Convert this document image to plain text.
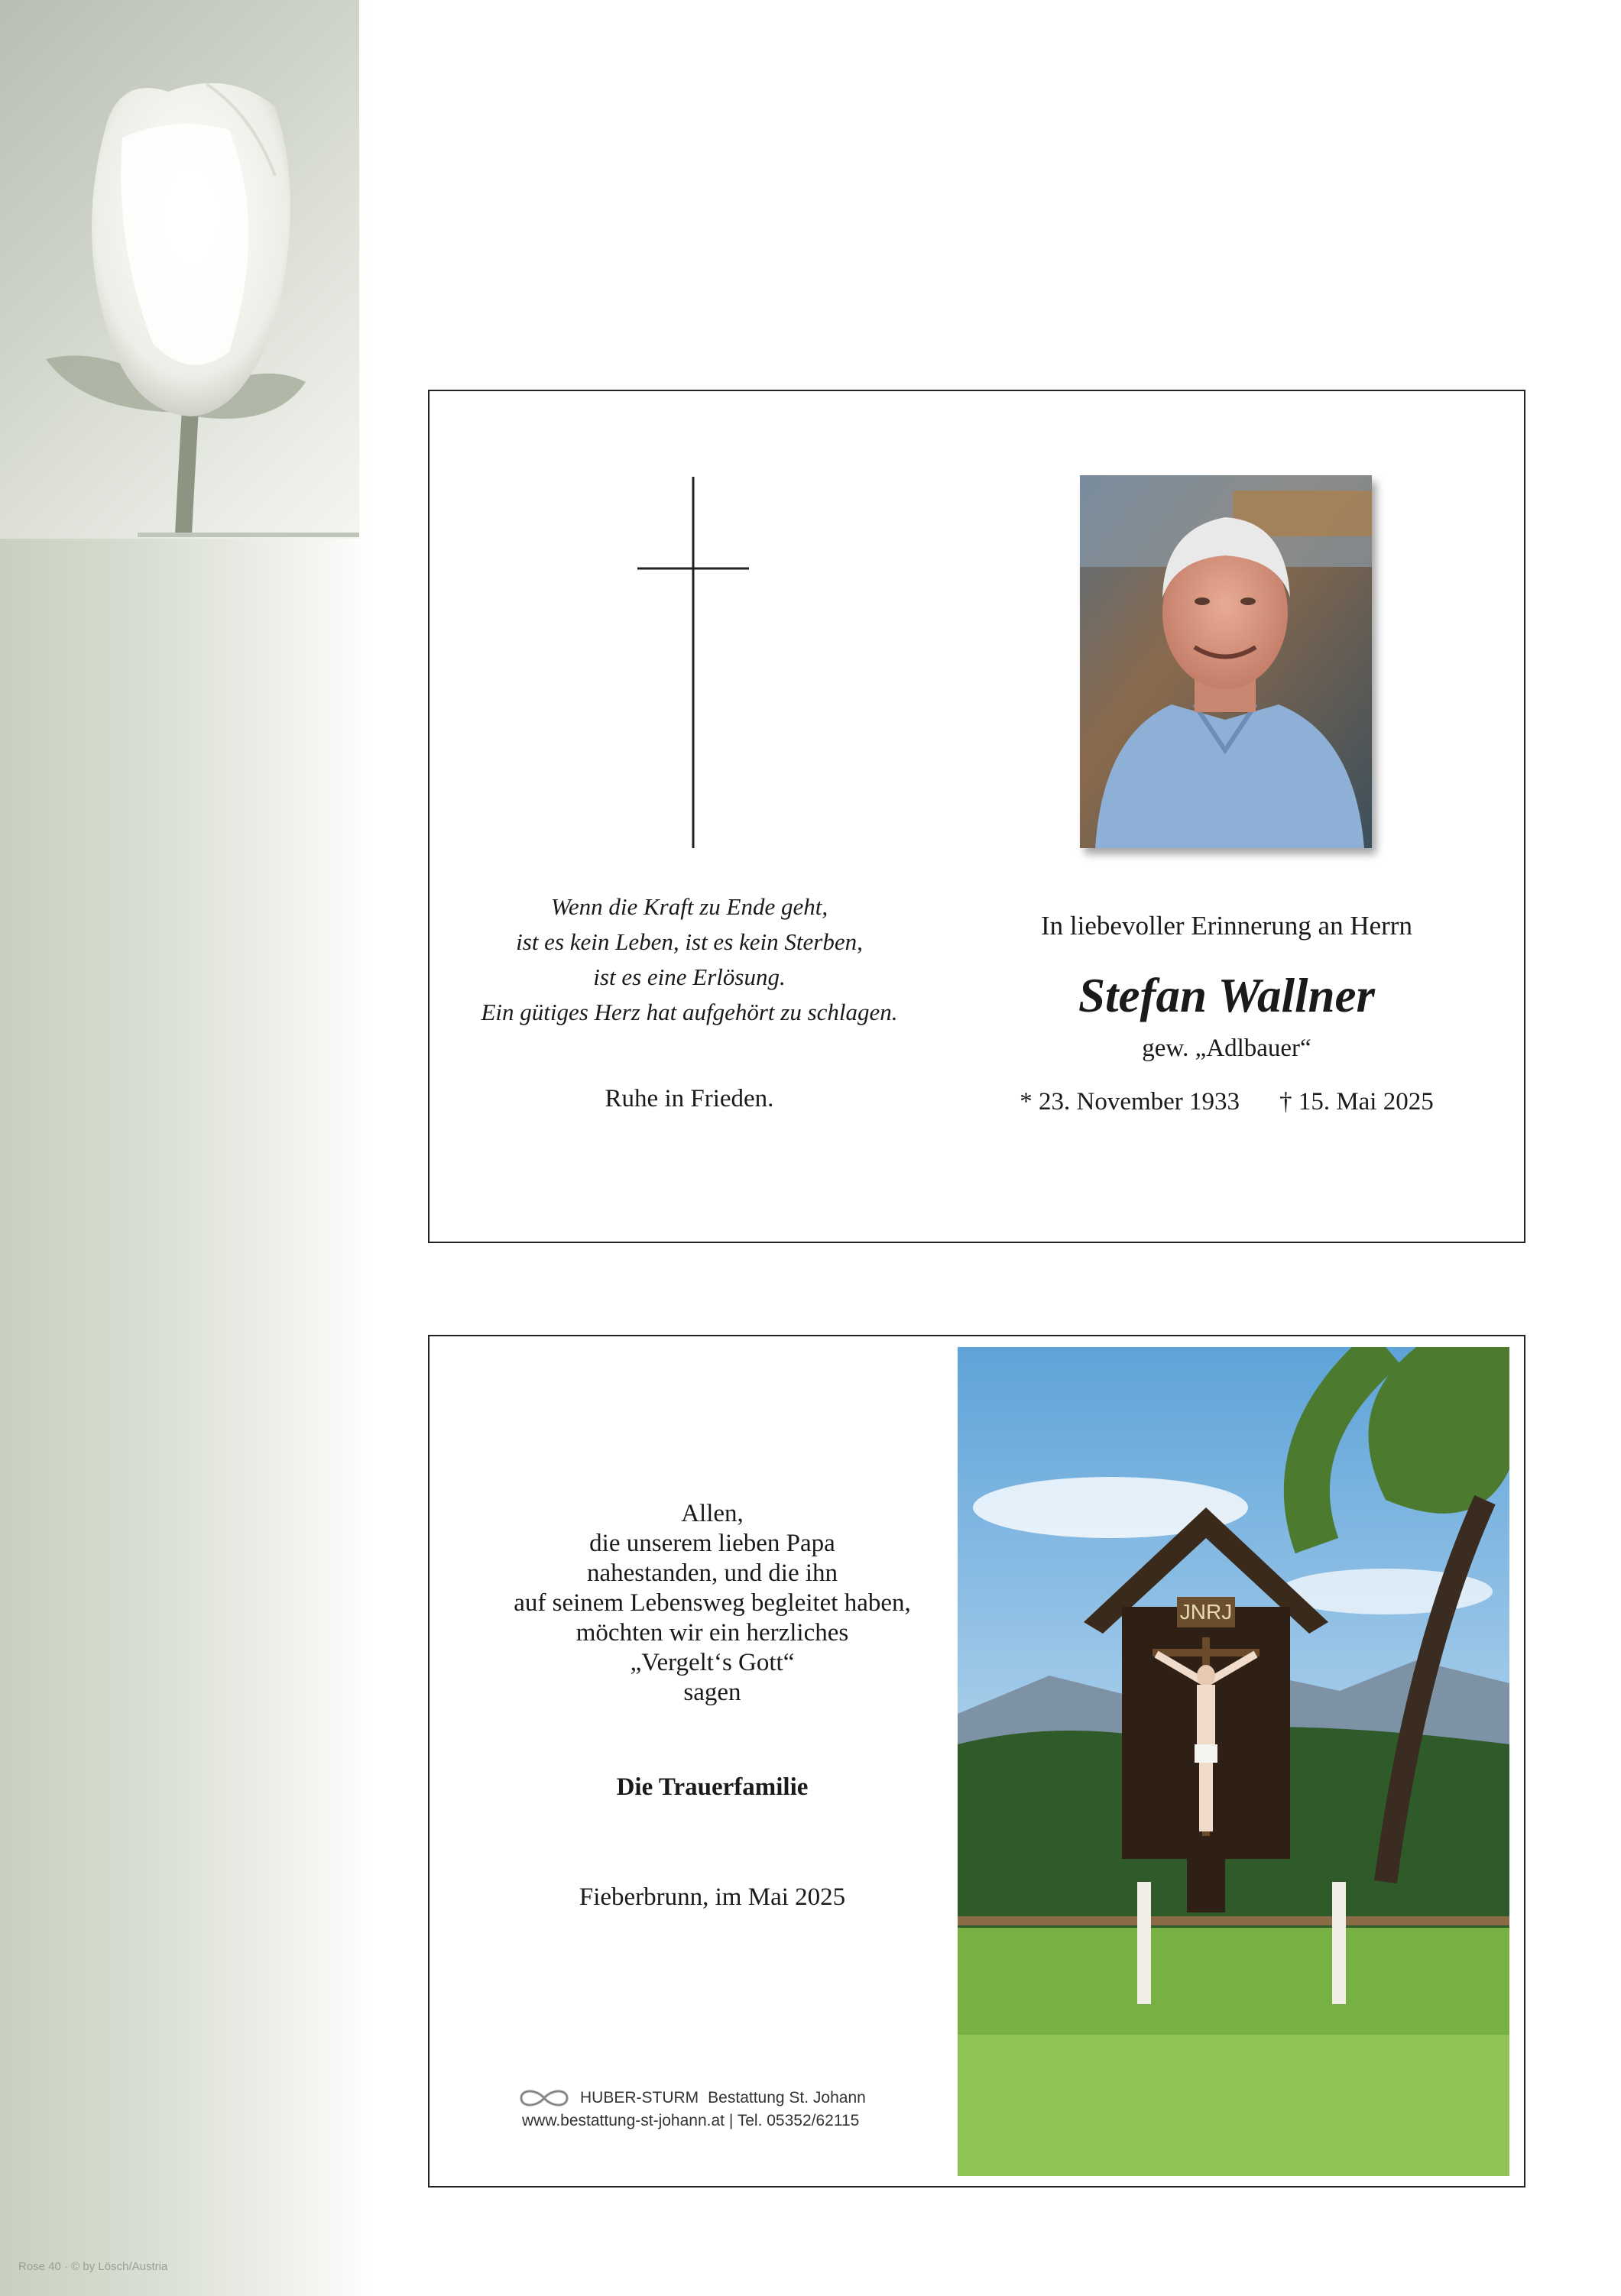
Rose 40 · © by Lösch/Austria
Wenn die Kraft zu Ende geht,
ist es kein Leben, ist es kein Sterben,
ist es eine Erlösung.
Ein gütiges Herz hat aufgehört zu schlagen.
Ruhe in Frieden.
In liebevoller Erinnerung an Herrn
Stefan Wallner
gew. „Adlbauer“
* 23. November 1933 † 15. Mai 2025
Allen,
die unserem lieben Papa
nahestanden, und die ihn
auf seinem Lebensweg begleitet haben,
möchten wir ein herzliches
„Vergelt‘s Gott“
sagen
Die Trauerfamilie
Fieberbrunn, im Mai 2025
HUBER-STURM Bestattung St. Johann
www.bestattung-st-johann.at | Tel. 05352/62115
JNRJ
